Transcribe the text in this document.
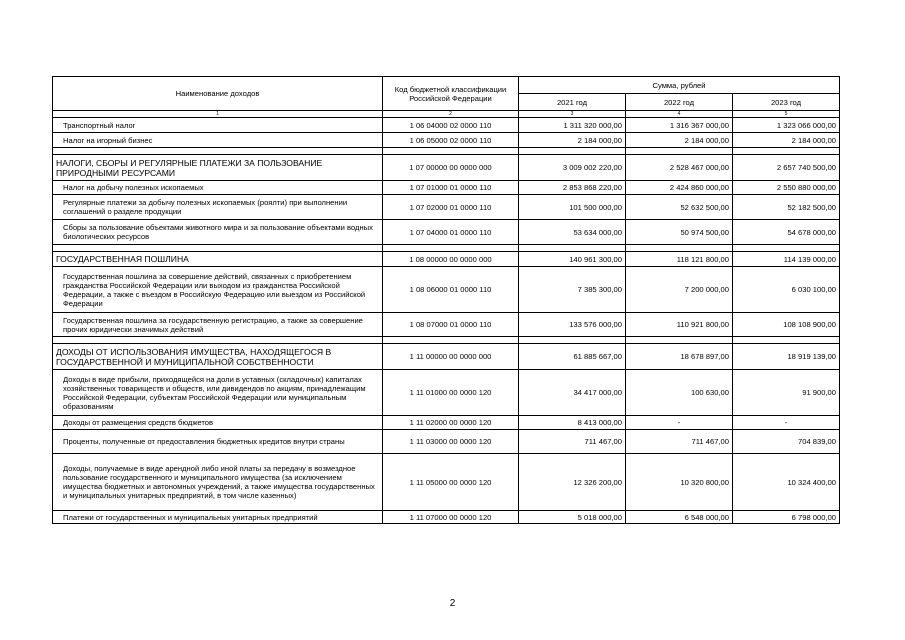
Наименование доходов	Код бюджетной классификации Российской Федерации	Сумма, рублей		
		2021 год	2022 год	2023 год
1	2	3	4	5
Транспортный налог	1 06 04000 02 0000 110	1 311 320 000,00	1 316 367 000,00	1 323 066 000,00
Налог на игорный бизнес	1 06 05000 02 0000 110	2 184 000,00	2 184 000,00	2 184 000,00

НАЛОГИ, СБОРЫ И РЕГУЛЯРНЫЕ ПЛАТЕЖИ ЗА ПОЛЬЗОВАНИЕ ПРИРОДНЫМИ РЕСУРСАМИ	1 07 00000 00 0000 000	3 009 002 220,00	2 528 467 000,00	2 657 740 500,00
Налог на добычу полезных ископаемых	1 07 01000 01 0000 110	2 853 868 220,00	2 424 860 000,00	2 550 880 000,00
Регулярные платежи за добычу полезных ископаемых (роялти) при выполнении соглашений о разделе продукции	1 07 02000 01 0000 110	101 500 000,00	52 632 500,00	52 182 500,00
Сборы за пользование объектами животного мира и за пользование объектами водных биологических ресурсов	1 07 04000 01 0000 110	53 634 000,00	50 974 500,00	54 678 000,00

ГОСУДАРСТВЕННАЯ ПОШЛИНА	1 08 00000 00 0000 000	140 961 300,00	118 121 800,00	114 139 000,00
Государственная пошлина за совершение действий, связанных с приобретением гражданства Российской Федерации или выходом из гражданства Российской Федерации, а также с въездом в Российскую Федерацию или выездом из Российской Федерации	1 08 06000 01 0000 110	7 385 300,00	7 200 000,00	6 030 100,00
Государственная пошлина за государственную регистрацию, а также за совершение прочих юридически значимых действий	1 08 07000 01 0000 110	133 576 000,00	110 921 800,00	108 108 900,00

ДОХОДЫ ОТ ИСПОЛЬЗОВАНИЯ ИМУЩЕСТВА, НАХОДЯЩЕГОСЯ В ГОСУДАРСТВЕННОЙ И МУНИЦИПАЛЬНОЙ СОБСТВЕННОСТИ	1 11 00000 00 0000 000	61 885 667,00	18 678 897,00	18 919 139,00
Доходы в виде прибыли, приходящейся на доли в уставных (складочных) капиталах хозяйственных товариществ и обществ, или дивидендов по акциям, принадлежащим Российской Федерации, субъектам Российской Федерации или муниципальным образованиям	1 11 01000 00 0000 120	34 417 000,00	100 630,00	91 900,00
Доходы от размещения средств бюджетов	1 11 02000 00 0000 120	8 413 000,00	-	-
Проценты, полученные от предоставления бюджетных кредитов внутри страны	1 11 03000 00 0000 120	711 467,00	711 467,00	704 839,00
Доходы, получаемые в виде арендной либо иной платы за передачу в возмездное пользование государственного и муниципального имущества (за исключением имущества бюджетных и автономных учреждений, а также имущества государственных и муниципальных унитарных предприятий, в том числе казенных)	1 11 05000 00 0000 120	12 326 200,00	10 320 800,00	10 324 400,00
Платежи от государственных и муниципальных унитарных предприятий	1 11 07000 00 0000 120	5 018 000,00	6 548 000,00	6 798 000,00
2
